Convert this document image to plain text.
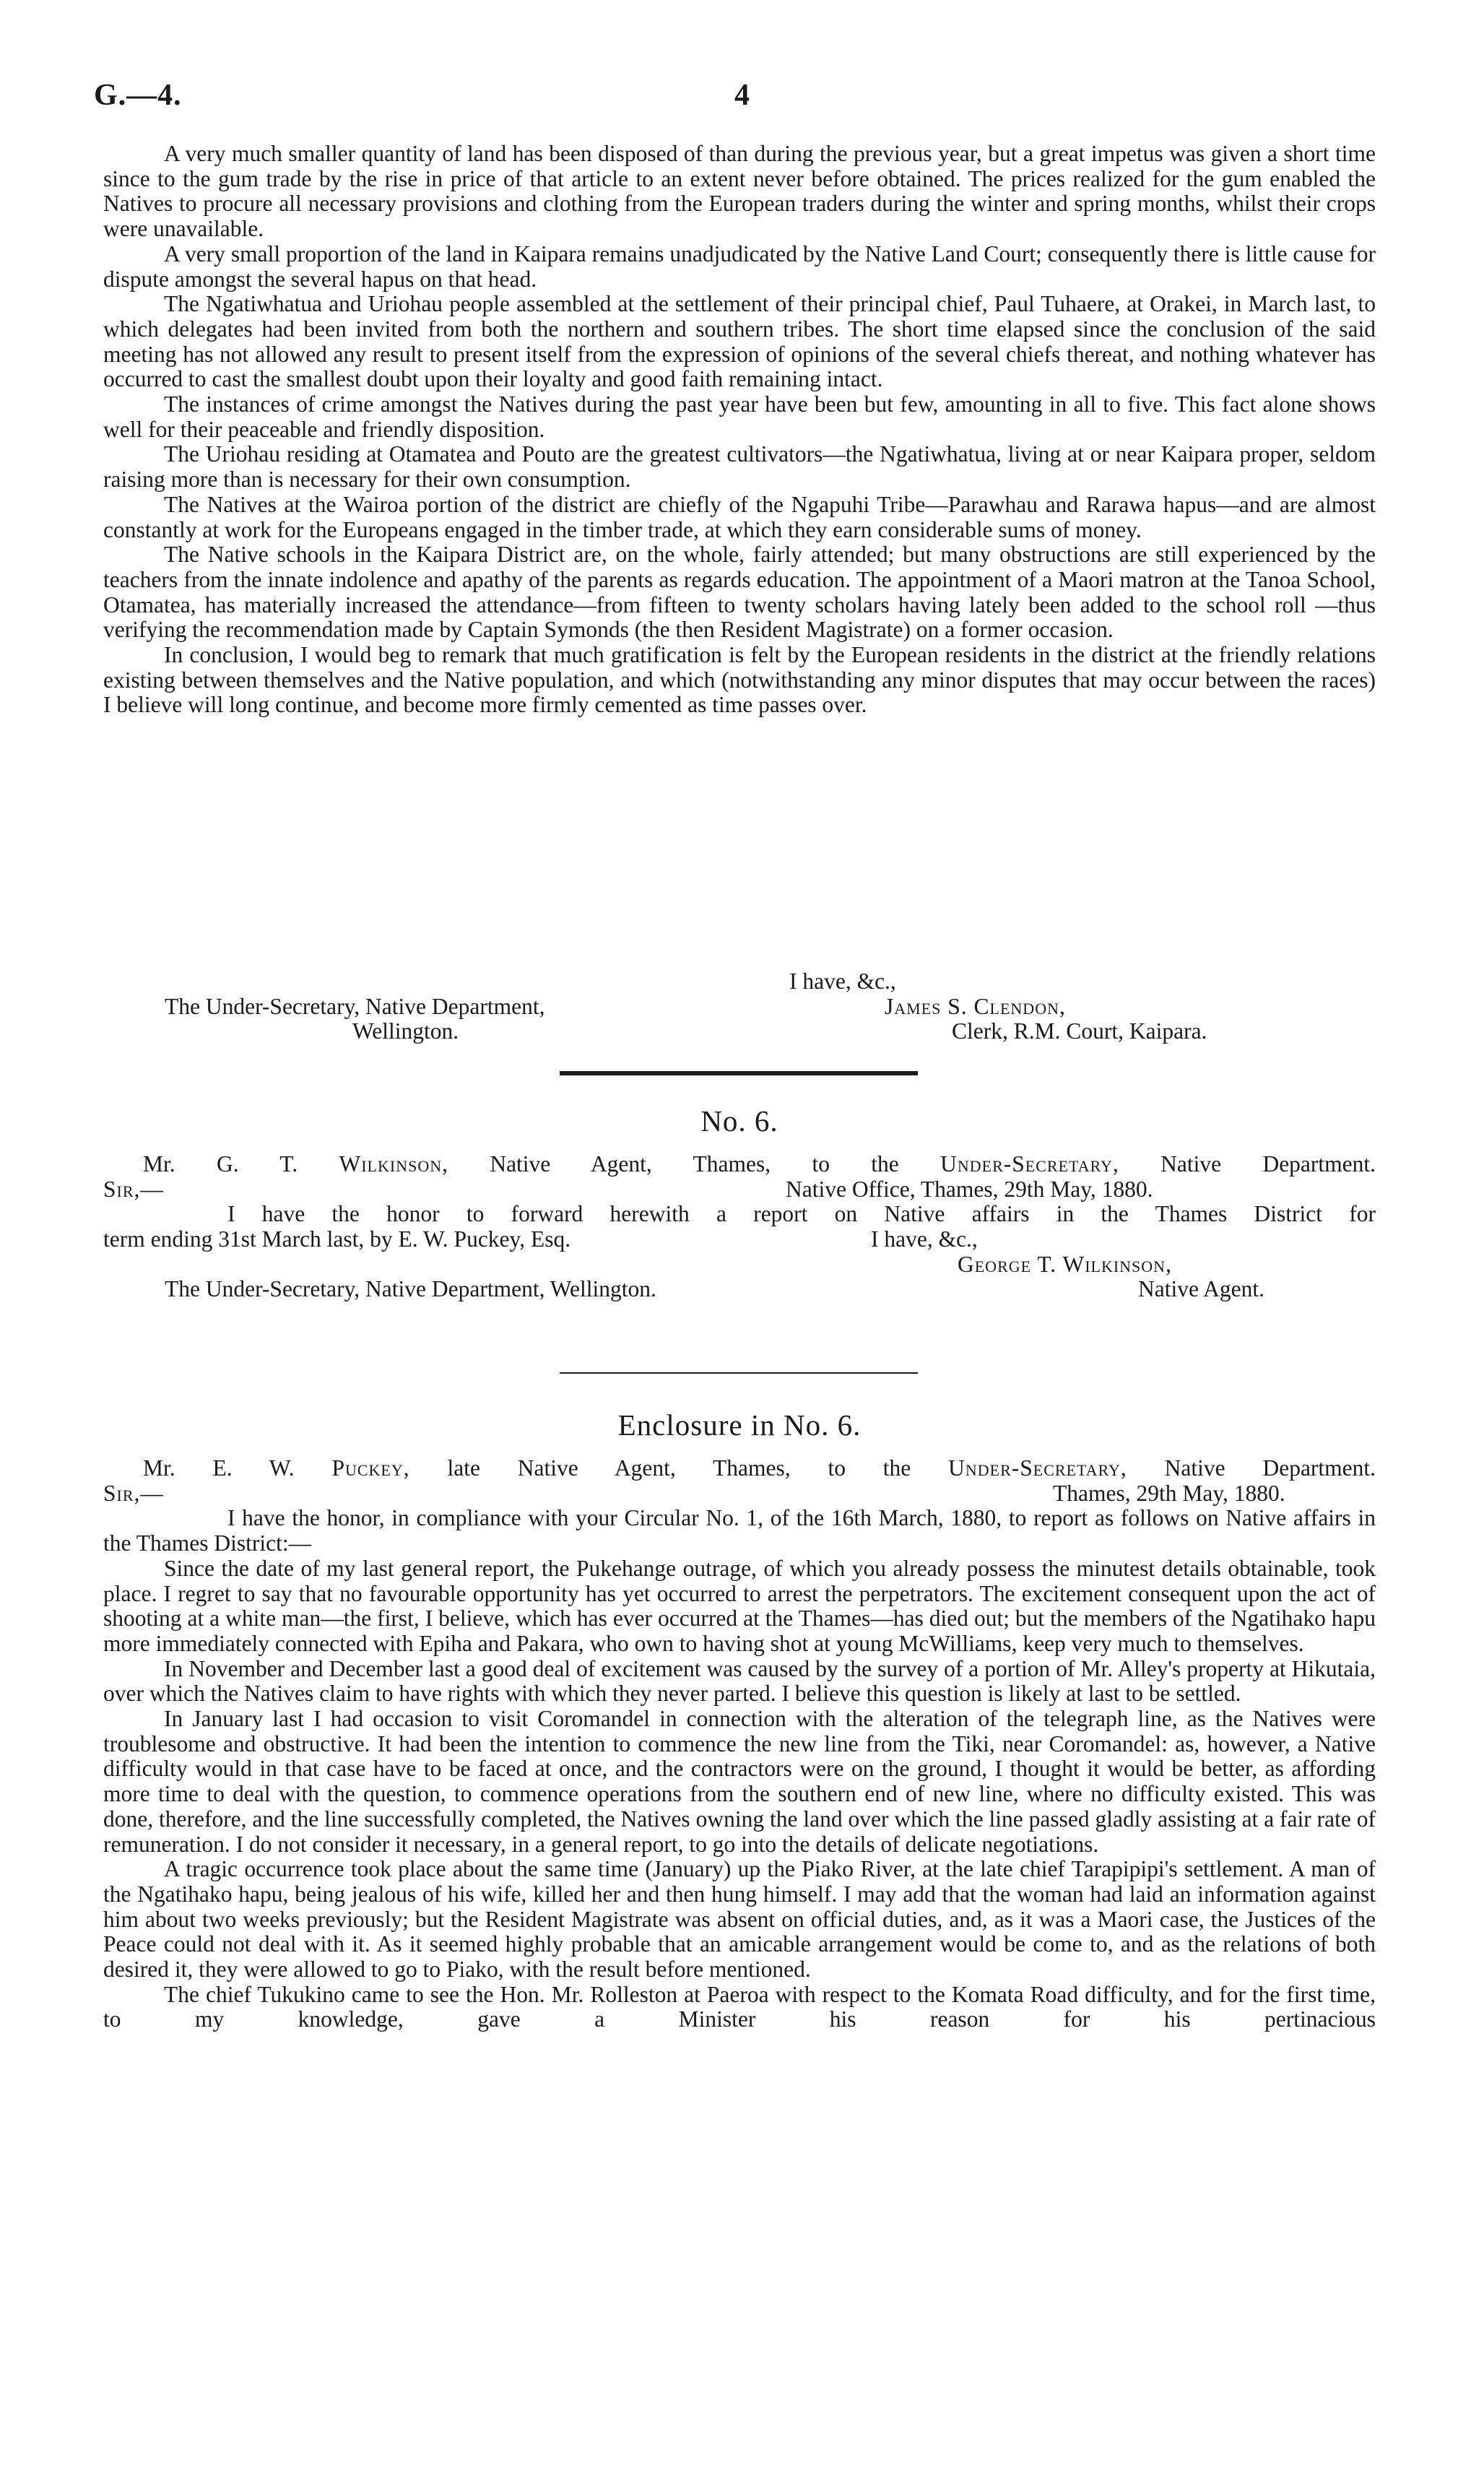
G.—4.	4

A very much smaller quantity of land has been disposed of than during the previous year, but a great impetus was given a short time since to the gum trade by the rise in price of that article to an extent never before obtained. The prices realized for the gum enabled the Natives to procure all necessary provisions and clothing from the European traders during the winter and spring months, whilst their crops were unavailable.

A very small proportion of the land in Kaipara remains unadjudicated by the Native Land Court; consequently there is little cause for dispute amongst the several hapus on that head.

The Ngatiwhatua and Uriohau people assembled at the settlement of their principal chief, Paul Tuhaere, at Orakei, in March last, to which delegates had been invited from both the northern and southern tribes. The short time elapsed since the conclusion of the said meeting has not allowed any result to present itself from the expression of opinions of the several chiefs thereat, and nothing whatever has occurred to cast the smallest doubt upon their loyalty and good faith remaining intact.

The instances of crime amongst the Natives during the past year have been but few, amounting in all to five. This fact alone shows well for their peaceable and friendly disposition.

The Uriohau residing at Otamatea and Pouto are the greatest cultivators—the Ngatiwhatua, living at or near Kaipara proper, seldom raising more than is necessary for their own consumption.

The Natives at the Wairoa portion of the district are chiefly of the Ngapuhi Tribe—Parawhau and Rarawa hapus—and are almost constantly at work for the Europeans engaged in the timber trade, at which they earn considerable sums of money.

The Native schools in the Kaipara District are, on the whole, fairly attended; but many obstructions are still experienced by the teachers from the innate indolence and apathy of the parents as regards education. The appointment of a Maori matron at the Tanoa School, Otamatea, has materially increased the attendance—from fifteen to twenty scholars having lately been added to the school roll —thus verifying the recommendation made by Captain Symonds (the then Resident Magistrate) on a former occasion.

In conclusion, I would beg to remark that much gratification is felt by the European residents in the district at the friendly relations existing between themselves and the Native population, and which (notwithstanding any minor disputes that may occur between the races) I believe will long continue, and become more firmly cemented as time passes over.

I have, &c.,
The Under-Secretary, Native Department,	James S. Clendon,
Wellington.	Clerk, R.M. Court, Kaipara.
No. 6.
Mr. G. T. Wilkinson, Native Agent, Thames, to the Under-Secretary, Native Department.
Sir,—	Native Office, Thames, 29th May, 1880.
I have the honor to forward herewith a report on Native affairs in the Thames District for
term ending 31st March last, by E. W. Puckey, Esq.	I have, &c.,
George T. Wilkinson,
The Under-Secretary, Native Department, Wellington.	Native Agent.
Enclosure in No. 6.
Mr. E. W. Puckey, late Native Agent, Thames, to the Under-Secretary, Native Department.
Sir,—	Thames, 29th May, 1880.

I have the honor, in compliance with your Circular No. 1, of the 16th March, 1880, to report as follows on Native affairs in the Thames District:—

Since the date of my last general report, the Pukehange outrage, of which you already possess the minutest details obtainable, took place. I regret to say that no favourable opportunity has yet occurred to arrest the perpetrators. The excitement consequent upon the act of shooting at a white man—the first, I believe, which has ever occurred at the Thames—has died out; but the members of the Ngatihako hapu more immediately connected with Epiha and Pakara, who own to having shot at young McWilliams, keep very much to themselves.

In November and December last a good deal of excitement was caused by the survey of a portion of Mr. Alley's property at Hikutaia, over which the Natives claim to have rights with which they never parted. I believe this question is likely at last to be settled.

In January last I had occasion to visit Coromandel in connection with the alteration of the telegraph line, as the Natives were troublesome and obstructive. It had been the intention to commence the new line from the Tiki, near Coromandel: as, however, a Native difficulty would in that case have to be faced at once, and the contractors were on the ground, I thought it would be better, as affording more time to deal with the question, to commence operations from the southern end of new line, where no difficulty existed. This was done, therefore, and the line successfully completed, the Natives owning the land over which the line passed gladly assisting at a fair rate of remuneration. I do not consider it necessary, in a general report, to go into the details of delicate negotiations.

A tragic occurrence took place about the same time (January) up the Piako River, at the late chief Tarapipipi's settlement. A man of the Ngatihako hapu, being jealous of his wife, killed her and then hung himself. I may add that the woman had laid an information against him about two weeks previously; but the Resident Magistrate was absent on official duties, and, as it was a Maori case, the Justices of the Peace could not deal with it. As it seemed highly probable that an amicable arrangement would be come to, and as the relations of both desired it, they were allowed to go to Piako, with the result before mentioned.

The chief Tukukino came to see the Hon. Mr. Rolleston at Paeroa with respect to the Komata Road difficulty, and for the first time, to my knowledge, gave a Minister his reason for his pertinacious
